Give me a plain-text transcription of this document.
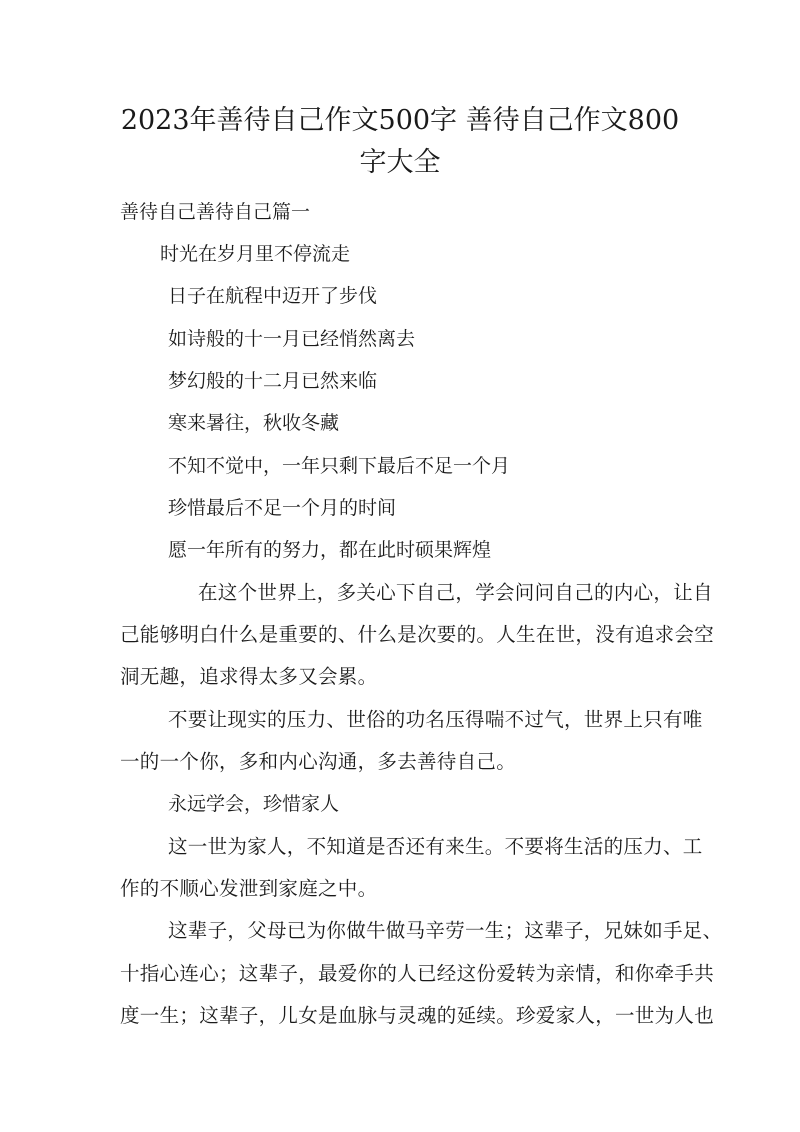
2023年善待自己作文500字 善待自己作文800
字大全

善待自己善待自己篇一

时光在岁月里不停流走

日子在航程中迈开了步伐

如诗般的十一月已经悄然离去

梦幻般的十二月已然来临

寒来暑往，秋收冬藏

不知不觉中，一年只剩下最后不足一个月

珍惜最后不足一个月的时间

愿一年所有的努力，都在此时硕果辉煌

在这个世界上，多关心下自己，学会问问自己的内心，让自

己能够明白什么是重要的、什么是次要的。人生在世，没有追求会空

洞无趣，追求得太多又会累。

不要让现实的压力、世俗的功名压得喘不过气，世界上只有唯

一的一个你，多和内心沟通，多去善待自己。

永远学会，珍惜家人

这一世为家人，不知道是否还有来生。不要将生活的压力、工

作的不顺心发泄到家庭之中。

这辈子，父母已为你做牛做马辛劳一生；这辈子，兄妹如手足、

十指心连心；这辈子，最爱你的人已经这份爱转为亲情，和你牵手共

度一生；这辈子，儿女是血脉与灵魂的延续。珍爱家人，一世为人也
